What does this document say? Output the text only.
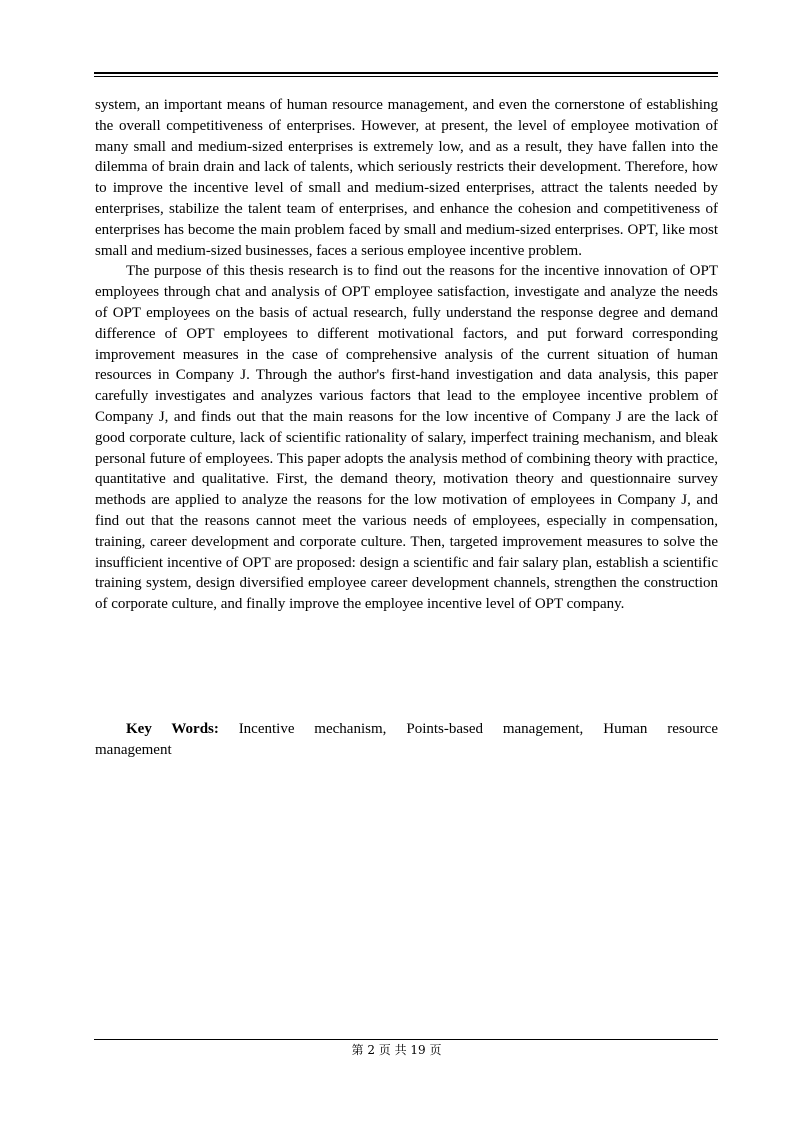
system, an important means of human resource management, and even the cornerstone of establishing the overall competitiveness of enterprises. However, at present, the level of employee motivation of many small and medium-sized enterprises is extremely low, and as a result, they have fallen into the dilemma of brain drain and lack of talents, which seriously restricts their development. Therefore, how to improve the incentive level of small and medium-sized enterprises, attract the talents needed by enterprises, stabilize the talent team of enterprises, and enhance the cohesion and competitiveness of enterprises has become the main problem faced by small and medium-sized enterprises. OPT, like most small and medium-sized businesses, faces a serious employee incentive problem.

The purpose of this thesis research is to find out the reasons for the incentive innovation of OPT employees through chat and analysis of OPT employee satisfaction, investigate and analyze the needs of OPT employees on the basis of actual research, fully understand the response degree and demand difference of OPT employees to different motivational factors, and put forward corresponding improvement measures in the case of comprehensive analysis of the current situation of human resources in Company J. Through the author's first-hand investigation and data analysis, this paper carefully investigates and analyzes various factors that lead to the employee incentive problem of Company J, and finds out that the main reasons for the low incentive of Company J are the lack of good corporate culture, lack of scientific rationality of salary, imperfect training mechanism, and bleak personal future of employees. This paper adopts the analysis method of combining theory with practice, quantitative and qualitative. First, the demand theory, motivation theory and questionnaire survey methods are applied to analyze the reasons for the low motivation of employees in Company J, and find out that the reasons cannot meet the various needs of employees, especially in compensation, training, career development and corporate culture. Then, targeted improvement measures to solve the insufficient incentive of OPT are proposed: design a scientific and fair salary plan, establish a scientific training system, design diversified employee career development channels, strengthen the construction of corporate culture, and finally improve the employee incentive level of OPT company.

Key Words: Incentive mechanism, Points-based management, Human resource management
第 2 页 共 19 页
